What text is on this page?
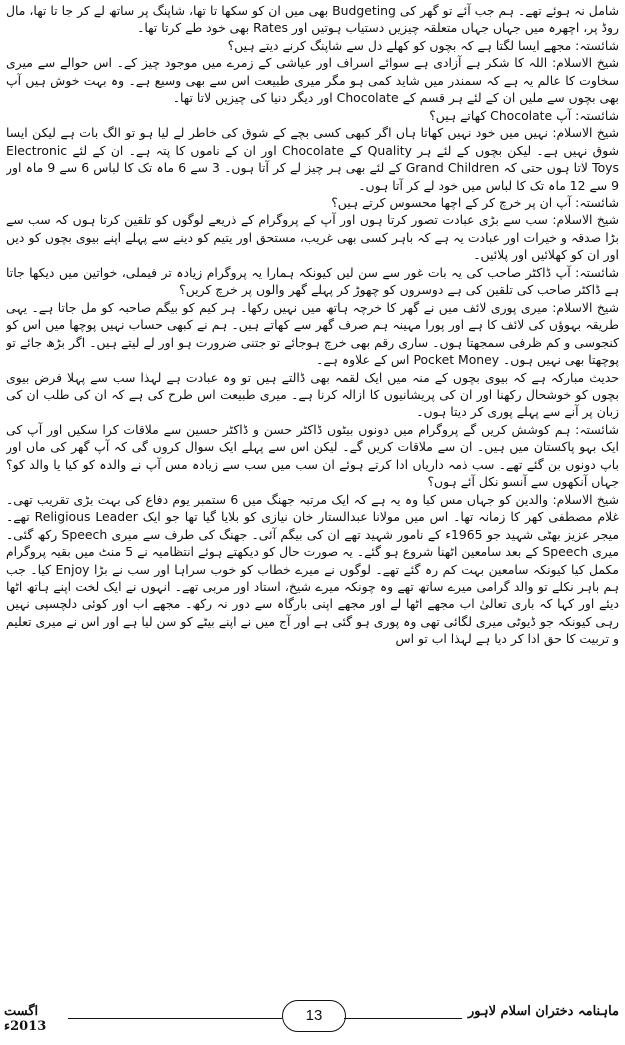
شامل نہ ہوئے تھے۔ ہم جب آئے تو گھر کی Budgeting بھی میں ان کو سکھا تا تھا، شاپنگ پر ساتھ لے کر جا تا تھا، مال روڈ پر، اچھرہ میں جہاں جہاں متعلقہ چیزیں دستیاب ہوتیں اور Rates بھی خود طے کرتا تھا۔

شائستہ: مجھے ایسا لگتا ہے کہ بچوں کو کھلے دل سے شاپنگ کرنے دیتے ہیں؟

شیخ الاسلام: اللہ کا شکر ہے آزادی ہے سوائے اسراف اور عیاشی کے زمرے میں موجود چیز کے۔ اس حوالے سے میری سخاوت کا عالم یہ ہے کہ سمندر میں شاید کمی ہو مگر میری طبیعت اس سے بھی وسیع ہے۔ وہ بہت خوش ہیں آپ بھی بچوں سے ملیں ان کے لئے ہر قسم کے Chocolate اور دیگر دنیا کی چیزیں لاتا تھا۔

شائستہ: آپ Chocolate کھاتے ہیں؟

شیخ الاسلام: نہیں میں خود نہیں کھاتا ہاں اگر کبھی کسی بچے کے شوق کی خاطر لے لیا ہو تو الگ بات ہے لیکن ایسا شوق نہیں ہے۔ لیکن بچوں کے لئے ہر Quality کے Chocolate اور ان کے ناموں کا پتہ ہے۔ ان کے لئے Electronic Toys لاتا ہوں حتی کہ Grand Children کے لئے بھی ہر چیز لے کر آتا ہوں۔ 3 سے 6 ماہ تک کا لباس 6 سے 9 ماہ اور 9 سے 12 ماہ تک کا لباس میں خود لے کر آتا ہوں۔

شائستہ: آپ ان پر خرچ کر کے اچھا محسوس کرتے ہیں؟

شیخ الاسلام: سب سے بڑی عبادت تصور کرتا ہوں اور آپ کے پروگرام کے ذریعے لوگوں کو تلقین کرتا ہوں کہ سب سے بڑا صدقہ و خیرات اور عبادت یہ ہے کہ باہر کسی بھی غریب، مستحق اور یتیم کو دینے سے پہلے اپنے بیوی بچوں کو دیں اور ان کو کھلائیں اور پلائیں۔

شائستہ: آپ ڈاکٹر صاحب کی یہ بات غور سے سن لیں کیونکہ ہمارا یہ پروگرام زیادہ تر فیملی، خواتین میں دیکھا جاتا ہے ڈاکٹر صاحب کی تلقین کی ہے دوسروں کو چھوڑ کر پہلے گھر والوں پر خرچ کریں؟

شیخ الاسلام: میری پوری لائف میں نے گھر کا خرچہ ہاتھ میں نہیں رکھا۔ ہر کیم کو بیگم صاحبہ کو مل جاتا ہے۔ یہی طریقہ بہوؤں کی لائف کا ہے اور پورا مہینہ ہم صرف گھر سے کھاتے ہیں۔ ہم نے کبھی حساب نہیں پوچھا میں اس کو کنجوسی و کم ظرفی سمجھتا ہوں۔ ساری رقم بھی خرچ ہوجائے تو جتنی ضرورت ہو اور لے لیتے ہیں۔ اگر بڑھ جائے تو پوچھتا بھی نہیں ہوں۔ Pocket Money اس کے علاوہ ہے۔

حدیث مبارکہ ہے کہ بیوی بچوں کے منہ میں ایک لقمہ بھی ڈالتے ہیں تو وہ عبادت ہے لہذا سب سے پہلا فرض بیوی بچوں کو خوشحال رکھنا اور ان کی پریشانیوں کا ازالہ کرنا ہے۔ میری طبیعت اس طرح کی ہے کہ ان کی طلب ان کی زبان پر آنے سے پہلے پوری کر دیتا ہوں۔

شائستہ: ہم کوشش کریں گے پروگرام میں دونوں بیٹوں ڈاکٹر حسن و ڈاکٹر حسین سے ملاقات کرا سکیں اور آپ کی ایک بہو پاکستان میں ہیں۔ ان سے ملاقات کریں گے۔ لیکن اس سے پہلے ایک سوال کروں گی کہ آپ گھر کی ماں اور باپ دونوں بن گئے تھے۔ سب ذمہ داریاں ادا کرتے ہوئے ان سب میں سب سے زیادہ مس آپ نے والدہ کو کیا یا والد کو؟ جہاں آنکھوں سے آنسو نکل آئے ہوں؟

شیخ الاسلام: والدین کو جہاں مس کیا وہ یہ ہے کہ ایک مرتبہ جھنگ میں 6 ستمبر یوم دفاع کی بہت بڑی تقریب تھی۔ غلام مصطفی کھر کا زمانہ تھا۔ اس میں مولانا عبدالستار خان نیازی کو بلایا گیا تھا جو ایک Religious Leader تھے۔ میجر عزیز بھٹی شہید جو 1965ء کے نامور شہید تھے ان کی بیگم آئی۔ جھنگ کی طرف سے میری Speech رکھ گئی۔ میری Speech کے بعد سامعین اٹھنا شروع ہو گئے۔ یہ صورت حال کو دیکھتے ہوئے انتظامیہ نے 5 منٹ میں بقیہ پروگرام مکمل کیا کیونکہ سامعین بہت کم رہ گئے تھے۔ لوگوں نے میرے خطاب کو خوب سراہا اور سب نے بڑا Enjoy کیا۔ جب ہم باہر نکلے تو والد گرامی میرے ساتھ تھے وہ چونکہ میرے شیخ، استاد اور مربی تھے۔ انہوں نے ایک لخت اپنے ہاتھ اٹھا دیئے اور کہا کہ باری تعالیٰ اب مجھے اٹھا لے اور مجھے اپنی بارگاہ سے دور نہ رکھ۔ مجھے اب اور کوئی دلچسپی نہیں رہی کیونکہ جو ڈیوٹی میری لگائی تھی وہ پوری ہو گئی ہے اور آج میں نے اپنے بیٹے کو سن لیا ہے اور اس نے میری تعلیم و تربیت کا حق ادا کر دیا ہے لہذا اب تو اس

ماہنامہ دختران اسلام لاہور
13
اگست 2013ء
